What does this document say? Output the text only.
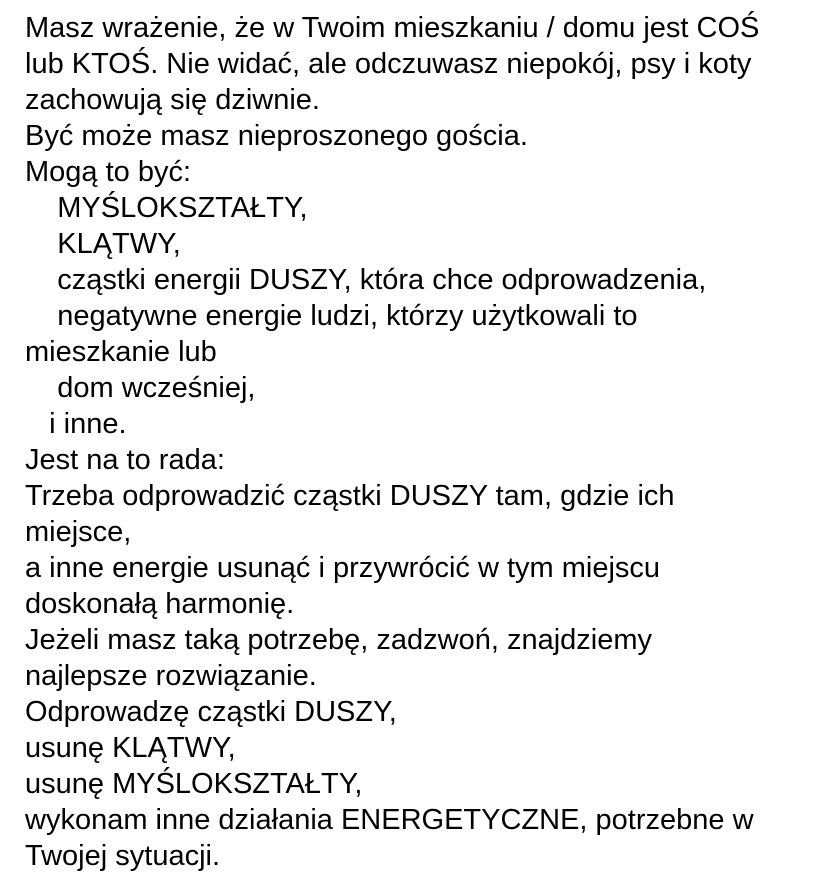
Masz wrażenie, że w Twoim mieszkaniu / domu jest COŚ
lub KTOŚ. Nie widać, ale odczuwasz niepokój, psy i koty
zachowują się dziwnie.
Być może masz nieproszonego gościa.
Mogą to być:
MYŚLOKSZTAŁTY,
KLĄTWY,
cząstki energii DUSZY, która chce odprowadzenia,
negatywne energie ludzi, którzy użytkowali to
mieszkanie lub
dom wcześniej,
i inne.
Jest na to rada:
Trzeba odprowadzić cząstki DUSZY tam, gdzie ich
miejsce,
a inne energie usunąć i przywrócić w tym miejscu
doskonałą harmonię.
Jeżeli masz taką potrzebę, zadzwoń, znajdziemy
najlepsze rozwiązanie.
Odprowadzę cząstki DUSZY,
usunę KLĄTWY,
usunę MYŚLOKSZTAŁTY,
wykonam inne działania ENERGETYCZNE, potrzebne w
Twojej sytuacji.
